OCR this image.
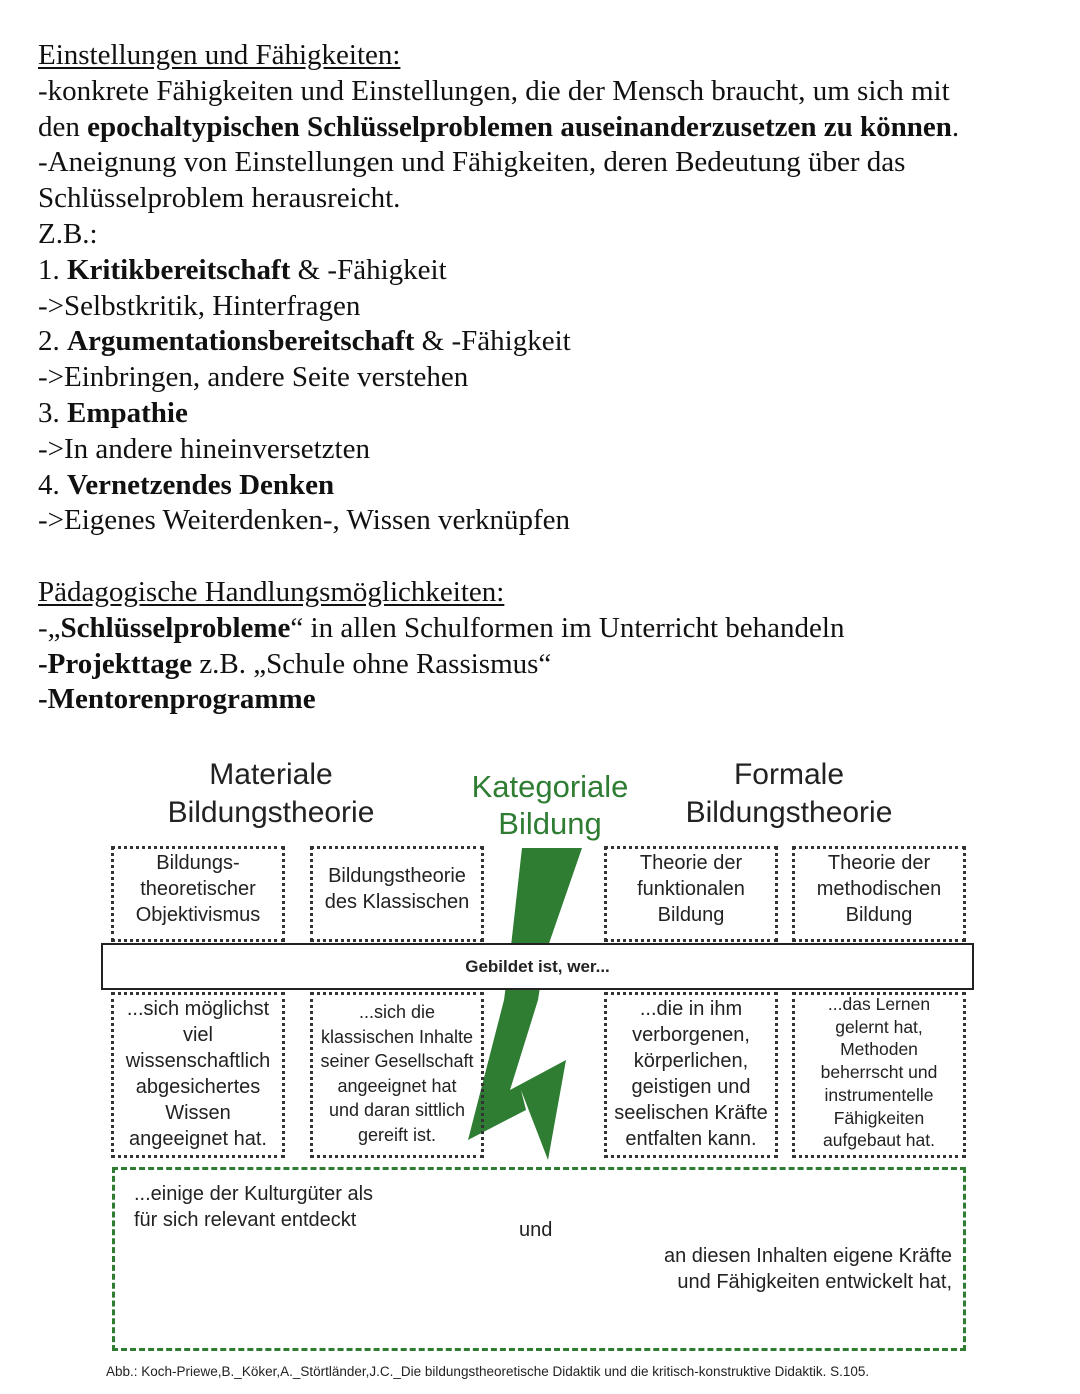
Einstellungen und Fähigkeiten:
-konkrete Fähigkeiten und Einstellungen, die der Mensch braucht, um sich mit
den epochaltypischen Schlüsselproblemen auseinanderzusetzen zu können.
-Aneignung von Einstellungen und Fähigkeiten, deren Bedeutung über das
Schlüsselproblem herausreicht.
Z.B.:
1. Kritikbereitschaft & -Fähigkeit
->Selbstkritik, Hinterfragen
2. Argumentationsbereitschaft & -Fähigkeit
->Einbringen, andere Seite verstehen
3. Empathie
->In andere hineinversetzten
4. Vernetzendes Denken
->Eigenes Weiterdenken-, Wissen verknüpfen
Pädagogische Handlungsmöglichkeiten:
-„Schlüsselprobleme“ in allen Schulformen im Unterricht behandeln
-Projekttage z.B. „Schule ohne Rassismus“
-Mentorenprogramme
Materiale
Bildungstheorie
Kategoriale
Bildung
Formale
Bildungstheorie
Bildungs-
theoretischer
Objektivismus
Bildungstheorie
des Klassischen
Theorie der
funktionalen
Bildung
Theorie der
methodischen
Bildung
Gebildet ist, wer...
...sich möglichst
viel
wissenschaftlich
abgesichertes
Wissen
angeeignet hat.
...sich die
klassischen Inhalte
seiner Gesellschaft
angeeignet hat
und daran sittlich
gereift ist.
...die in ihm
verborgenen,
körperlichen,
geistigen und
seelischen Kräfte
entfalten kann.
...das Lernen
gelernt hat,
Methoden
beherrscht und
instrumentelle
Fähigkeiten
aufgebaut hat.
...einige der Kulturgüter als
für sich relevant entdeckt	und
an diesen Inhalten eigene Kräfte
und Fähigkeiten entwickelt hat,
Abb.: Koch-Priewe,B._Köker,A._Störtländer,J.C._Die bildungstheoretische Didaktik und die kritisch-konstruktive Didaktik. S.105.
